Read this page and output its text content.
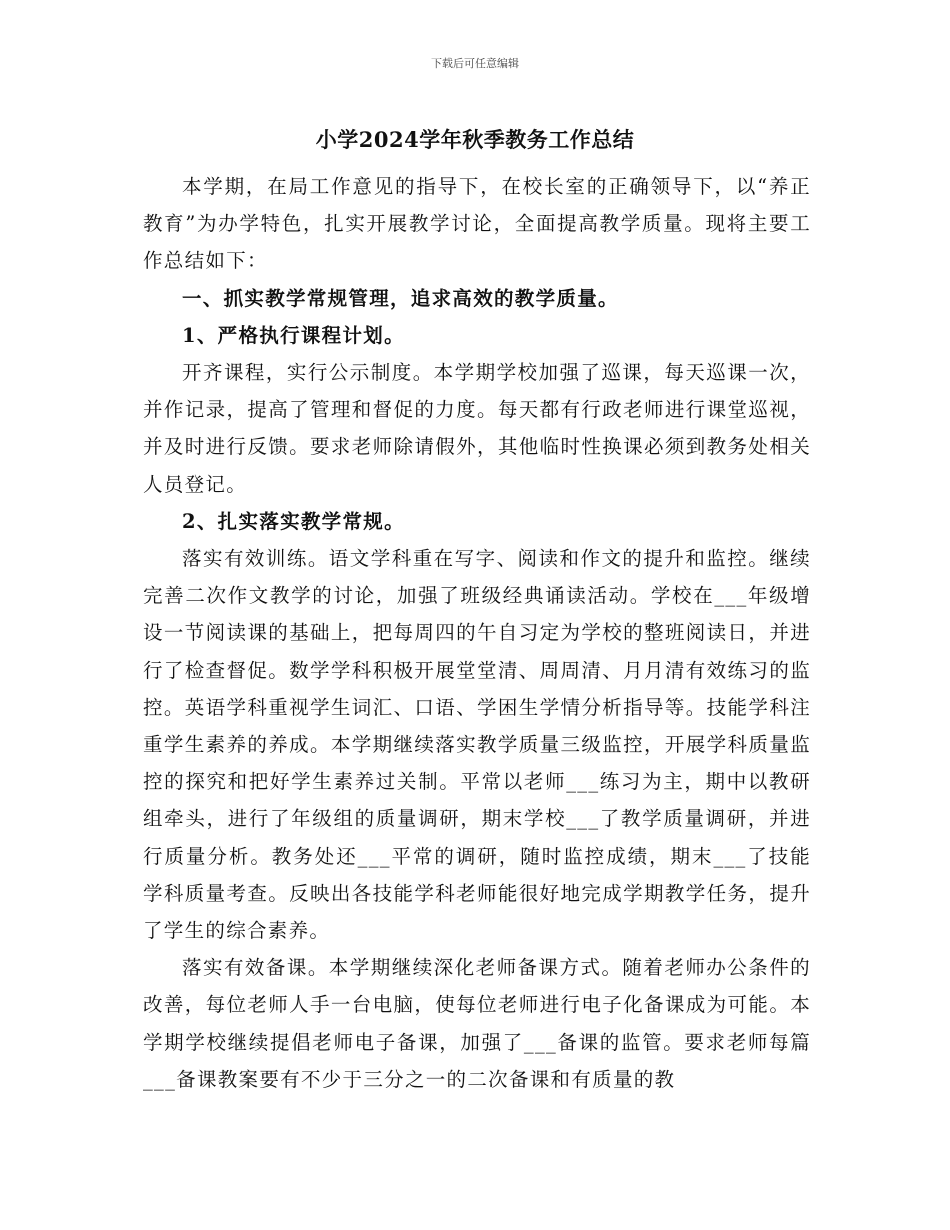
下载后可任意编辑
小学2024学年秋季教务工作总结

本学期，在局工作意见的指导下，在校长室的正确领导下，以“养正教育”为办学特色，扎实开展教学讨论，全面提高教学质量。现将主要工作总结如下：

一、抓实教学常规管理，追求高效的教学质量。

1、严格执行课程计划。

开齐课程，实行公示制度。本学期学校加强了巡课，每天巡课一次，并作记录，提高了管理和督促的力度。每天都有行政老师进行课堂巡视，并及时进行反馈。要求老师除请假外，其他临时性换课必须到教务处相关人员登记。

2、扎实落实教学常规。

落实有效训练。语文学科重在写字、阅读和作文的提升和监控。继续完善二次作文教学的讨论，加强了班级经典诵读活动。学校在___年级增设一节阅读课的基础上，把每周四的午自习定为学校的整班阅读日，并进行了检查督促。数学学科积极开展堂堂清、周周清、月月清有效练习的监控。英语学科重视学生词汇、口语、学困生学情分析指导等。技能学科注重学生素养的养成。本学期继续落实教学质量三级监控，开展学科质量监控的探究和把好学生素养过关制。平常以老师___练习为主，期中以教研组牵头，进行了年级组的质量调研，期末学校___了教学质量调研，并进行质量分析。教务处还___平常的调研，随时监控成绩，期末___了技能学科质量考查。反映出各技能学科老师能很好地完成学期教学任务，提升了学生的综合素养。

落实有效备课。本学期继续深化老师备课方式。随着老师办公条件的改善，每位老师人手一台电脑，使每位老师进行电子化备课成为可能。本学期学校继续提倡老师电子备课，加强了___备课的监管。要求老师每篇___备课教案要有不少于三分之一的二次备课和有质量的教
